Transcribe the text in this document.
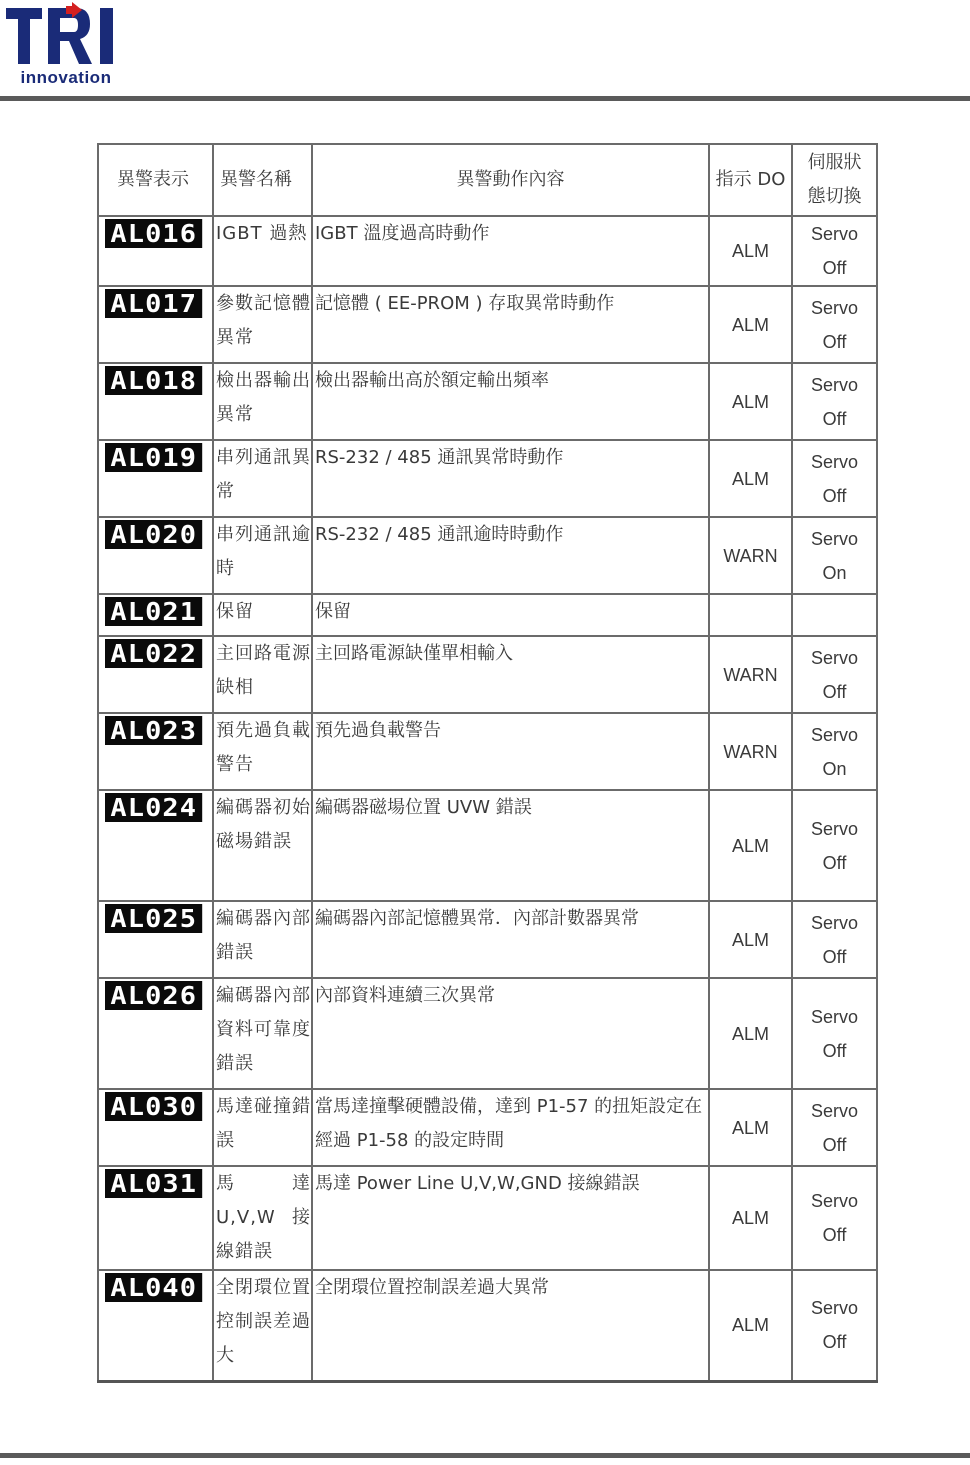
innovation
異警表示	異警名稱	異警動作內容	指示 DO	伺服狀
態切換
AL016	IGBT 過熱	IGBT 溫度過高時動作	ALM	Servo
Off
AL017	參數記憶體異常	記憶體 ( EE-PROM ) 存取異常時動作	ALM	Servo
Off
AL018	檢出器輸出異常	檢出器輸出高於額定輸出頻率	ALM	Servo
Off
AL019	串列通訊異常	RS-232 / 485 通訊異常時動作	ALM	Servo
Off
AL020	串列通訊逾時	RS-232 / 485 通訊逾時時動作	WARN	Servo
On
AL021	保留	保留		

AL022	主回路電源缺相	主回路電源缺僅單相輸入	WARN	Servo
Off
AL023	預先過負載警告	預先過負載警告	WARN	Servo
On
AL024	編碼器初始磁場錯誤	編碼器磁場位置 UVW 錯誤	ALM	Servo
Off
AL025	編碼器內部錯誤	編碼器內部記憶體異常．內部計數器異常	ALM	Servo
Off
AL026	編碼器內部資料可靠度錯誤	內部資料連續三次異常	ALM	Servo
Off
AL030	馬達碰撞錯誤	當馬達撞擊硬體設備，達到 P1-57 的扭矩設定在經過 P1-58 的設定時間	ALM	Servo
Off
AL031	馬達 U,V,W 接線錯誤	馬達 Power Line U,V,W,GND 接線錯誤	ALM	Servo
Off
AL040	全閉環位置控制誤差過大	全閉環位置控制誤差過大異常	ALM	Servo
Off
